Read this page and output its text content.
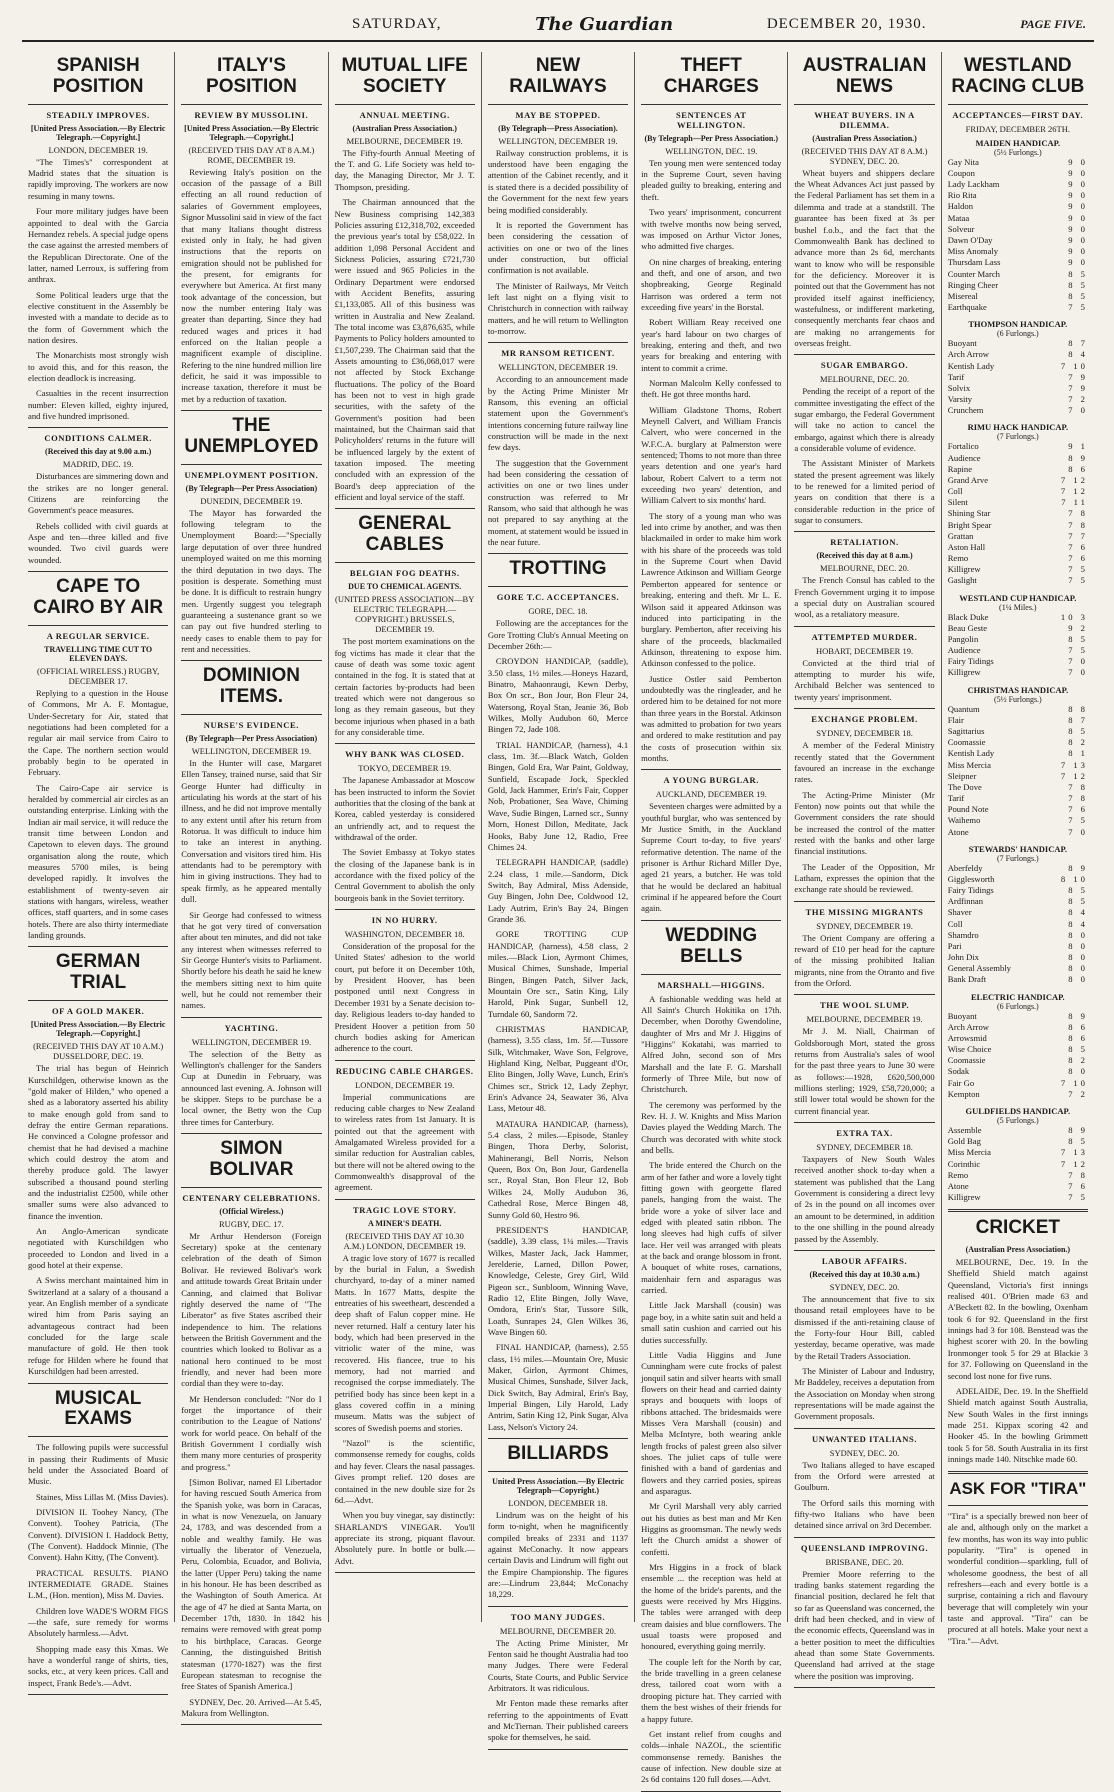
SATURDAY,	The Guardian	DECEMBER 20, 1930.	PAGE FIVE.
SPANISH POSITION
STEADILY IMPROVES.
[United Press Association.—By Electric Telegraph.—Copyright.]
LONDON, DECEMBER 19.

"The Times's" correspondent at Madrid states that the situation is rapidly improving. The workers are now resuming in many towns.

Four more military judges have been appointed to deal with the Garcia Hernandez rebels. A special judge opens the case against the arrested members of the Republican Directorate. One of the latter, named Lerroux, is suffering from anthrax.

Some Political leaders urge that the elective constituent in the Assembly be invested with a mandate to decide as to the form of Government which the nation desires.

The Monarchists most strongly wish to avoid this, and for this reason, the election deadlock is increasing.

Casualties in the recent insurrection number: Eleven killed, eighty injured, and five hundred imprisoned.

CONDITIONS CALMER.
(Received this day at 9.00 a.m.)
MADRID, DEC. 19.

Disturbances are simmering down and the strikes are no longer general. Citizens are reinforcing the Government's peace measures.

Rebels collided with civil guards at Aspe and ten—three killed and five wounded. Two civil guards were wounded.

CAPE TO CAIRO BY AIR
A REGULAR SERVICE.
TRAVELLING TIME CUT TO ELEVEN DAYS.
(OFFICIAL WIRELESS.) RUGBY, DECEMBER 17.

Replying to a question in the House of Commons, Mr A. F. Montague, Under-Secretary for Air, stated that negotiations had been completed for a regular air mail service from Cairo to the Cape. The northern section would probably begin to be operated in February.

The Cairo-Cape air service is heralded by commercial air circles as an outstanding enterprise. Linking with the Indian air mail service, it will reduce the transit time between London and Capetown to eleven days. The ground organisation along the route, which measures 5700 miles, is being developed rapidly. It involves the establishment of twenty-seven air stations with hangars, wireless, weather offices, staff quarters, and in some cases hotels. There are also thirty intermediate landing grounds.

GERMAN TRIAL
OF A GOLD MAKER.
[United Press Association.—By Electric Telegraph.—Copyright.]
(RECEIVED THIS DAY AT 10 A.M.) DUSSELDORF, DEC. 19.

The trial has begun of Heinrich Kurschildgen, otherwise known as the "gold maker of Hilden," who opened a shed as a laboratory asserted his ability to make enough gold from sand to defray the entire German reparations. He convinced a Cologne professor and chemist that he had devised a machine which could destroy the atom and thereby produce gold. The lawyer subscribed a thousand pound sterling and the industrialist £2500, while other smaller sums were also advanced to finance the invention.

An Anglo-American syndicate negotiated with Kurschildgen who proceeded to London and lived in a good hotel at their expense.

A Swiss merchant maintained him in Switzerland at a salary of a thousand a year. An English member of a syndicate wired him from Paris saying an advantageous contract had been concluded for the large scale manufacture of gold. He then took refuge for Hilden where he found that Kurschildgen had been arrested.

MUSICAL EXAMS

The following pupils were successful in passing their Rudiments of Music held under the Associated Board of Music.

Staines, Miss Lillas M. (Miss Davies).

DIVISION II. Toohey Nancy, (The Convent). Toohey Patricia, (The Convent). DIVISION I. Haddock Betty, (The Convent). Haddock Minnie, (The Convent). Hahn Kitty, (The Convent).

PRACTICAL RESULTS. PIANO INTERMEDIATE GRADE. Staines L.M., (Hon. mention), Miss M. Davies.

Children love WADE'S WORM FIGS —the safe, sure remedy for worms Absolutely harmless.—Advt.

Shopping made easy this Xmas. We have a wonderful range of shirts, ties, socks, etc., at very keen prices. Call and inspect, Frank Bede's.—Advt.

ITALY'S POSITION
REVIEW BY MUSSOLINI.
[United Press Association.—By Electric Telegraph.—Copyright.]
(RECEIVED THIS DAY AT 8 A.M.) ROME, DECEMBER 19.

Reviewing Italy's position on the occasion of the passage of a Bill effecting an all round reduction of salaries of Government employees, Signor Mussolini said in view of the fact that many Italians thought distress existed only in Italy, he had given instructions that the reports on emigration should not be published for the present, for emigrants for everywhere but America. At first many took advantage of the concession, but now the number entering Italy was greater than departing. Since they had reduced wages and prices it had enforced on the Italian people a magnificent example of discipline. Refering to the nine hundred million lire deficit, he said it was impossible to increase taxation, therefore it must be met by a reduction of taxation.

THE UNEMPLOYED
UNEMPLOYMENT POSITION.
(By Telegraph—Per Press Association)
DUNEDIN, DECEMBER 19.

The Mayor has forwarded the following telegram to the Unemployment Board:—"Specially large deputation of over three hundred unemployed waited on me this morning the third deputation in two days. The position is desperate. Something must be done. It is difficult to restrain hungry men. Urgently suggest you telegraph guaranteeing a sustenance grant so we can pay out five hundred sterling to needy cases to enable them to pay for rent and necessities.

DOMINION ITEMS.
NURSE'S EVIDENCE.
(By Telegraph—Per Press Association)
WELLINGTON, DECEMBER 19.

In the Hunter will case, Margaret Ellen Tansey, trained nurse, said that Sir George Hunter had difficulty in articulating his words at the start of his illness, and he did not improve mentally to any extent until after his return from Rotorua. It was difficult to induce him to take an interest in anything. Conversation and visitors tired him. His attendants had to be peremptory with him in giving instructions. They had to speak firmly, as he appeared mentally dull.

Sir George had confessed to witness that he got very tired of conversation after about ten minutes, and did not take any interest when witnesses referred to Sir George Hunter's visits to Parliament. Shortly before his death he said he knew the members sitting next to him quite well, but he could not remember their names.

YACHTING.
WELLINGTON, DECEMBER 19.

The selection of the Betty as Wellington's challenger for the Sanders Cup at Dunedin in February, was announced last evening. A. Johnson will be skipper. Steps to be purchase be a local owner, the Betty won the Cup three times for Canterbury.

SIMON BOLIVAR
CENTENARY CELEBRATIONS.
(Official Wireless.)
RUGBY, DEC. 17.

Mr Arthur Henderson (Foreign Secretary) spoke at the centenary celebration of the death of Simon Bolivar. He reviewed Bolivar's work and attitude towards Great Britain under Canning, and claimed that Bolivar rightly deserved the name of "The Liberator" as five States ascribed their independence to him. The relations between the British Government and the countries which looked to Bolivar as a national hero continued to be most friendly, and never had been more cordial than they were to-day.

Mr Henderson concluded: "Nor do I forget the importance of their contribution to the League of Nations' work for world peace. On behalf of the British Government I cordially wish them many more centuries of prosperity and progress."

[Simon Bolivar, named El Libertador for having rescued South America from the Spanish yoke, was born in Caracas, in what is now Venezuela, on January 24, 1783, and was descended from a noble and wealthy family. He was virtually the liberator of Venezuela, Peru, Colombia, Ecuador, and Bolivia, the latter (Upper Peru) taking the name in his honour. He has been described as the Washington of South America. At the age of 47 he died at Santa Marta, on December 17th, 1830. In 1842 his remains were removed with great pomp to his birthplace, Caracas. George Canning, the distinguished British statesman (1770-1827) was the first European statesman to recognise the free States of Spanish America.]

SYDNEY, Dec. 20. Arrived—At 5.45, Makura from Wellington.

MUTUAL LIFE SOCIETY
ANNUAL MEETING.
(Australian Press Association.)
MELBOURNE, DECEMBER 19.

The Fifty-fourth Annual Meeting of the T. and G. Life Society was held to-day, the Managing Director, Mr J. T. Thompson, presiding.

The Chairman announced that the New Business comprising 142,383 Policies assuring £12,318,702, exceeded the previous year's total by £58,022. In addition 1,098 Personal Accident and Sickness Policies, assuring £721,730 were issued and 965 Policies in the Ordinary Department were endorsed with Accident Benefits, assuring £1,133,085. All of this business was written in Australia and New Zealand. The total income was £3,876,635, while Payments to Policy holders amounted to £1,507,239. The Chairman said that the Assets amounting to £36,068,017 were not affected by Stock Exchange fluctuations. The policy of the Board has been not to vest in high grade securities, with the safety of the Government's position had been maintained, but the Chairman said that Policyholders' returns in the future will be influenced largely by the extent of taxation imposed. The meeting concluded with an expression of the Board's deep appreciation of the efficient and loyal service of the staff.

GENERAL CABLES
BELGIAN FOG DEATHS.
DUE TO CHEMICAL AGENTS.
(UNITED PRESS ASSOCIATION—BY ELECTRIC TELEGRAPH.—COPYRIGHT.) BRUSSELS, DECEMBER 19.

The post mortem examinations on the fog victims has made it clear that the cause of death was some toxic agent contained in the fog. It is stated that at certain factories by-products had been treated which were not dangerous so long as they remain gaseous, but they become injurious when phased in a bath for any considerable time.

WHY BANK WAS CLOSED.
TOKYO, DECEMBER 19.

The Japanese Ambassador at Moscow has been instructed to inform the Soviet authorities that the closing of the bank at Korea, cabled yesterday is considered an unfriendly act, and to request the withdrawal of the order.

The Soviet Embassy at Tokyo states the closing of the Japanese bank is in accordance with the fixed policy of the Central Government to abolish the only bourgeois bank in the Soviet territory.

IN NO HURRY.
WASHINGTON, DECEMBER 18.

Consideration of the proposal for the United States' adhesion to the world court, put before it on December 10th, by President Hoover, has been postponed until next Congress in December 1931 by a Senate decision to-day. Religious leaders to-day handed to President Hoover a petition from 50 church bodies asking for American adherence to the court.

REDUCING CABLE CHARGES.
LONDON, DECEMBER 19.

Imperial communications are reducing cable charges to New Zealand to wireless rates from 1st January. It is pointed out that the agreement with Amalgamated Wireless provided for a similar reduction for Australian cables, but there will not be altered owing to the Commonwealth's disapproval of the agreement.

TRAGIC LOVE STORY.
A MINER'S DEATH.
(RECEIVED THIS DAY AT 10.30 A.M.) LONDON, DECEMBER 19.

A tragic love story of 1677 is recalled by the burial in Falun, a Swedish churchyard, to-day of a miner named Matts. In 1677 Matts, despite the entreaties of his sweetheart, descended a deep shaft of Falun copper mine. He never returned. Half a century later his body, which had been preserved in the vitriolic water of the mine, was recovered. His fiancee, true to his memory, had not married and recognised the corpse immediately. The petrified body has since been kept in a glass covered coffin in a mining museum. Matts was the subject of scores of Swedish poems and stories.

"Nazol" is the scientific, commonsense remedy for coughs, colds and hay fever. Clears the nasal passages. Gives prompt relief. 120 doses are contained in the new double size for 2s 6d.—Advt.

When you buy vinegar, say distinctly: SHARLAND'S VINEGAR. You'll appreciate its strong, piquant flavour. Absolutely pure. In bottle or bulk.—Advt.

NEW RAILWAYS
MAY BE STOPPED.
(By Telegraph—Press Association).
WELLINGTON, DECEMBER 19.

Railway construction problems, it is understood have been engaging the attention of the Cabinet recently, and it is stated there is a decided possibility of the Government for the next few years being modified considerably.

It is reported the Government has been considering the cessation of activities on one or two of the lines under construction, but official confirmation is not available.

The Minister of Railways, Mr Veitch left last night on a flying visit to Christchurch in connection with railway matters, and he will return to Wellington to-morrow.

MR RANSOM RETICENT.
WELLINGTON, DECEMBER 19.

According to an announcement made by the Acting Prime Minister Mr Ransom, this evening an official statement upon the Government's intentions concerning future railway line construction will be made in the next few days.

The suggestion that the Government had been considering the cessation of activities on one or two lines under construction was referred to Mr Ransom, who said that although he was not prepared to say anything at the moment, at statement would be issued in the near future.

TROTTING
GORE T.C. ACCEPTANCES.
GORE, DEC. 18.

Following are the acceptances for the Gore Trotting Club's Annual Meeting on December 26th:—

CROYDON HANDICAP, (saddle), 3.50 class, 1½ miles.—Honeys Hazard, Binatro, Mahaonraugi, Kewn Derby, Box On scr., Bon Jour, Bon Fleur 24, Watersong, Royal Stan, Jeanie 36, Bob Wilkes, Molly Audubon 60, Merce Bingen 72, Jade 108.

TRIAL HANDICAP, (harness), 4.1 class, 1m. 3f.—Black Watch, Golden Bingen, Gold Era, War Paint, Goldway, Sunfield, Escapade Jock, Speckled Gold, Jack Hammer, Erin's Fair, Copper Nob, Probationer, Sea Wave, Chiming Wave, Sudie Bingen, Larned scr., Sunny Morn, Honest Dillon, Meditate, Jack Hooks, Baby June 12, Radio, Free Chimes 24.

TELEGRAPH HANDICAP, (saddle) 2.24 class, 1 mile.—Sandorm, Dick Switch, Bay Admiral, Miss Adenside, Guy Bingen, John Dee, Coldwood 12, Lady Autrim, Erin's Bay 24, Bingen Grande 36.

GORE TROTTING CUP HANDICAP, (harness), 4.58 class, 2 miles.—Black Lion, Ayrmont Chimes, Musical Chimes, Sunshade, Imperial Bingen, Bingen Patch, Silver Jack, Mountain Ore scr., Satin King, Lily Harold, Pink Sugar, Sunbell 12, Turndale 60, Sandorm 72.

CHRISTMAS HANDICAP, (harness), 3.55 class, 1m. 5f.—Tussore Silk, Witchmaker, Wave Son, Felgrove, Highland King, Nelbar, Puggeant d'Or, Elito Bingen, Jolly Wave, Lunch, Erin's Chimes scr., Strick 12, Lady Zephyr, Erin's Advance 24, Seawater 36, Alva Lass, Metour 48.

MATAURA HANDICAP, (harness), 5.4 class, 2 miles.—Episode, Stanley Bingen, Thora Derby, Solorist, Mahinerangi, Bell Norris, Nelson Queen, Box On, Bon Jour, Gardenella scr., Royal Stan, Bon Fleur 12, Bob Wilkes 24, Molly Audubon 36, Cathedral Rose, Merce Bingen 48, Sunny Gold 60, Hestro 96.

PRESIDENT'S HANDICAP, (saddle), 3.39 class, 1¼ miles.—Travis Wilkes, Master Jack, Jack Hammer, Jerelderie, Larned, Dillon Power, Knowledge, Celeste, Grey Girl, Wild Pigeon scr., Sunbloom, Winning Wave, Radio 12, Elite Bingen, Jolly Wave, Omdora, Erin's Star, Tussore Silk, Loath, Sunrapes 24, Glen Wilkes 36, Wave Bingen 60.

FINAL HANDICAP, (harness), 2.55 class, 1½ miles.—Mountain Ore, Music Maker, Girlon, Ayrmont Chimes, Musical Chimes, Sunshade, Silver Jack, Dick Switch, Bay Admiral, Erin's Bay, Imperial Bingen, Lily Harold, Lady Antrim, Satin King 12, Pink Sugar, Alva Lass, Nelson's Victory 24.

BILLIARDS
United Press Association.—By Electric Telegraph—Copyright.)
LONDON, DECEMBER 18.

Lindrum was on the height of his form to-night, when he magnificently compiled breaks of 2331 and 1137 against McConachy. It now appears certain Davis and Lindrum will fight out the Empire Championship. The figures are:—Lindrum 23,844; McConachy 18,229.

TOO MANY JUDGES.
MELBOURNE, DECEMBER 20.

The Acting Prime Minister, Mr Fenton said he thought Australia had too many Judges. There were Federal Courts, State Courts, and Public Service Arbitrators. It was ridiculous.

Mr Fenton made these remarks after referring to the appointments of Evatt and McTiernan. Their published careers spoke for themselves, he said.

THEFT CHARGES
SENTENCES AT WELLINGTON.
(By Telegraph—Per Press Association.)
WELLINGTON, DEC. 19.

Ten young men were sentenced today in the Supreme Court, seven having pleaded guilty to breaking, entering and theft.

Two years' imprisonment, concurrent with twelve months now being served, was imposed on Arthur Victor Jones, who admitted five charges.

On nine charges of breaking, entering and theft, and one of arson, and two shopbreaking, George Reginald Harrison was ordered a term not exceeding five years' in the Borstal.

Robert William Reay received one year's hard labour on two charges of breaking, entering and theft, and two years for breaking and entering with intent to commit a crime.

Norman Malcolm Kelly confessed to theft. He got three months hard.

William Gladstone Thoms, Robert Meynell Calvert, and William Francis Calvert, who were concerned in the W.F.C.A. burglary at Palmerston were sentenced; Thoms to not more than three years detention and one year's hard labour, Robert Calvert to a term not exceeding two years' detention, and William Calvert to six months' hard.

The story of a young man who was led into crime by another, and was then blackmailed in order to make him work with his share of the proceeds was told in the Supreme Court when David Lawrence Atkinson and William George Pemberton appeared for sentence or breaking, entering and theft. Mr L. E. Wilson said it appeared Atkinson was induced into participating in the burglary. Pemberton, after receiving his share of the proceeds, blackmailed Atkinson, threatening to expose him. Atkinson confessed to the police.

Justice Ostler said Pemberton undoubtedly was the ringleader, and he ordered him to be detained for not more than three years in the Borstal. Atkinson was admitted to probation for two years and ordered to make restitution and pay the costs of prosecution within six months.

A YOUNG BURGLAR.
AUCKLAND, DECEMBER 19.

Seventeen charges were admitted by a youthful burglar, who was sentenced by Mr Justice Smith, in the Auckland Supreme Court to-day, to five years' reformative detention. The name of the prisoner is Arthur Richard Miller Dye, aged 21 years, a butcher. He was told that he would be declared an habitual criminal if he appeared before the Court again.

WEDDING BELLS
MARSHALL—HIGGINS.

A fashionable wedding was held at All Saint's Church Hokitika on 17th. December, when Dorothy Gwendoline, daughter of Mrs and Mr J. Higgins of "Higgins" Kokatahi, was married to Alfred John, second son of Mrs Marshall and the late F. G. Marshall formerly of Three Mile, but now of Christchurch.

The ceremony was performed by the Rev. H. J. W. Knights and Miss Marion Davies played the Wedding March. The Church was decorated with white stock and bells.

The bride entered the Church on the arm of her father and wore a lovely tight fitting gown with georgette flared panels, hanging from the waist. The bride wore a yoke of silver lace and edged with pleated satin ribbon. The long sleeves had high cuffs of silver lace. Her veil was arranged with pleats at the back and orange blossom in front. A bouquet of white roses, carnations, maidenhair fern and asparagus was carried.

Little Jack Marshall (cousin) was page boy, in a white satin suit and held a small satin cushion and carried out his duties successfully.

Little Vadia Higgins and June Cunningham were cute frocks of palest jonquil satin and silver hearts with small flowers on their head and carried dainty sprays and bouquets with loops of ribbons attached. The bridesmaids were Misses Vera Marshall (cousin) and Melba McIntyre, both wearing ankle length frocks of palest green also silver shoes. The juliet caps of tulle were finished with a band of gardenias and flowers and they carried posies, spireas and asparagus.

Mr Cyril Marshall very ably carried out his duties as best man and Mr Ken Higgins as groomsman. The newly weds left the Church amidst a shower of confetti.

Mrs Higgins in a frock of black ensemble ... the reception was held at the home of the bride's parents, and the guests were received by Mrs Higgins. The tables were arranged with deep cream daisies and blue cornflowers. The usual toasts were proposed and honoured, everything going merrily.

The couple left for the North by car, the bride travelling in a green celanese dress, tailored coat worn with a drooping picture hat. They carried with them the best wishes of their friends for a happy future.

Get instant relief from coughs and colds—inhale NAZOL, the scientific commonsense remedy. Banishes the cause of infection. New double size at 2s 6d contains 120 full doses.—Advt.

AUSTRALIAN NEWS
WHEAT BUYERS. IN A DILEMMA.
(Australian Press Association.)
(RECEIVED THIS DAY AT 8 A.M.) SYDNEY, DEC. 20.

Wheat buyers and shippers declare the Wheat Advances Act just passed by the Federal Parliament has set them in a dilemma and trade at a standstill. The guarantee has been fixed at 3s per bushel f.o.b., and the fact that the Commonwealth Bank has declined to advance more than 2s 6d, merchants want to know who will be responsible for the deficiency. Moreover it is pointed out that the Government has not provided itself against inefficiency, wastefulness, or indifferent marketing, consequently merchants fear chaos and are making no arrangements for overseas freight.

SUGAR EMBARGO.
MELBOURNE, DEC. 20.

Pending the receipt of a report of the committee investigating the effect of the sugar embargo, the Federal Government will take no action to cancel the embargo, against which there is already a considerable volume of evidence.

The Assistant Minister of Markets stated the present agreement was likely to be renewed for a limited period of years on condition that there is a considerable reduction in the price of sugar to consumers.

RETALIATION.
(Received this day at 8 a.m.)
MELBOURNE, DEC. 20.

The French Consul has cabled to the French Government urging it to impose a special duty on Australian scoured wool, as a retaliatory measure.

ATTEMPTED MURDER.
HOBART, DECEMBER 19.

Convicted at the third trial of attempting to murder his wife, Archibald Belcher was sentenced to twenty years' imprisonment.

EXCHANGE PROBLEM.
SYDNEY, DECEMBER 18.

A member of the Federal Ministry recently stated that the Government favoured an increase in the exchange rates.

The Acting-Prime Minister (Mr Fenton) now points out that while the Government considers the rate should be increased the control of the matter rested with the banks and other large financial institutions.

The Leader of the Opposition, Mr Latham, expresses the opinion that the exchange rate should be reviewed.

THE MISSING MIGRANTS
SYDNEY, DECEMBER 19.

The Orient Company are offering a reward of £10 per head for the capture of the missing prohibited Italian migrants, nine from the Otranto and five from the Orford.

THE WOOL SLUMP.
MELBOURNE, DECEMBER 19.

Mr J. M. Niall, Chairman of Goldsborough Mort, stated the gross returns from Australia's sales of wool for the past three years to June 30 were as follows:—1928, £620,500,000 millions sterling; 1929, £58,720,000; a still lower total would be shown for the current financial year.

EXTRA TAX.
SYDNEY, DECEMBER 18.

Taxpayers of New South Wales received another shock to-day when a statement was published that the Lang Government is considering a direct levy of 2s in the pound on all incomes over an amount to be determined, in addition to the one shilling in the pound already passed by the Assembly.

LABOUR AFFAIRS.
(Received this day at 10.30 a.m.)
SYDNEY, DEC. 20.

The announcement that five to six thousand retail employees have to be dismissed if the anti-retaining clause of the Forty-four Hour Bill, cabled yesterday, became operative, was made by the Retail Traders Association.

The Minister of Labour and Industry, Mr Baddeley, receives a deputation from the Association on Monday when strong representations will be made against the Government proposals.

UNWANTED ITALIANS.
SYDNEY, DEC. 20.

Two Italians alleged to have escaped from the Orford were arrested at Goulburn.

The Orford sails this morning with fifty-two Italians who have been detained since arrival on 3rd December.

QUEENSLAND IMPROVING.
BRISBANE, DEC. 20.

Premier Moore referring to the trading banks statement regarding the financial position, declared he felt that so far as Queensland was concerned, the drift had been checked, and in view of the economic effects, Queensland was in a better position to meet the difficulties ahead than some State Governments. Queensland had arrived at the stage where the position was improving.

WESTLAND RACING CLUB
ACCEPTANCES—FIRST DAY.
FRIDAY, DECEMBER 26TH.
MAIDEN HANDICAP.
(5½ Furlongs.)
Gay Nita	9 0
Coupon	9 0
Lady Lackham	9 0
Rio Rita	9 0
Haldon	9 0
Mataa	9 0
Solveur	9 0
Dawn O'Day	9 0
Miss Anomaly	9 0
Thursdam Lass	9 0
Counter March	8 5
Ringing Cheer	8 5
Misereal	8 5
Earthquake	7 5
THOMPSON HANDICAP.
(6 Furlongs.)
Buoyant	8 7
Arch Arrow	8 4
Kentish Lady	7 10
Tarif	7 9
Solvix	7 9
Varsity	7 2
Crunchem	7 0
RIMU HACK HANDICAP.
(7 Furlongs.)
Fortalico	9 1
Audience	8 9
Rapine	8 6
Grand Arve	7 12
Coll	7 12
Silent	7 11
Shining Star	7 8
Bright Spear	7 8
Grattan	7 7
Aston Hall	7 6
Remo	7 6
Killigrew	7 5
Gaslight	7 5
WESTLAND CUP HANDICAP.
(1¼ Miles.)
Black Duke	10 3
Beau Geste	9 2
Pangolin	8 5
Audience	7 5
Fairy Tidings	7 0
Killigrew	7 0
CHRISTMAS HANDICAP.
(5½ Furlongs.)
Quantum	8 8
Flair	8 7
Sagittarius	8 5
Coomassie	8 2
Kentish Lady	8 1
Miss Mercia	7 13
Sleipner	7 12
The Dove	7 8
Tarif	7 8
Pound Note	7 6
Waihemo	7 5
Atone	7 0
STEWARDS' HANDICAP.
(7 Furlongs.)
Aberfeldy	8 9
Gigglesworth	8 10
Fairy Tidings	8 5
Ardfinnan	8 5
Shaver	8 4
Coll	8 4
Shamdro	8 0
Pari	8 0
John Dix	8 0
General Assembly	8 0
Bank Draft	8 0
ELECTRIC HANDICAP.
(6 Furlongs.)
Buoyant	8 9
Arch Arrow	8 6
Arrowsmid	8 6
Wise Choice	8 5
Coomassie	8 2
Sodak	8 0
Fair Go	7 10
Kempton	7 2
GULDFIELDS HANDICAP.
(5 Furlongs.)
Assemble	8 9
Gold Bag	8 5
Miss Mercia	7 13
Corinthic	7 12
Remo	7 8
Atone	7 6
Killigrew	7 5
CRICKET
(Australian Press Association.)

MELBOURNE, Dec. 19. In the Sheffield Shield match against Queensland, Victoria's first innings realised 401. O'Brien made 63 and A'Beckett 82. In the bowling, Oxenham took 6 for 92. Queensland in the first innings had 3 for 108. Benstead was the highest scorer with 20. In the bowling Ironmonger took 5 for 29 at Blackie 3 for 37. Following on Queensland in the second lost none for five runs.

ADELAIDE, Dec. 19. In the Sheffield Shield match against South Australia, New South Wales in the first innings made 251. Kippax scoring 42 and Hooker 45. In the bowling Grimmett took 5 for 58. South Australia in its first innings made 140. Nitschke made 60.

ASK FOR "TIRA"
"Tira" is a specially brewed non beer of ale and, although only on the market a few months, has won its way into public popularity. "Tira" is opened in wonderful condition—sparkling, full of wholesome goodness, the best of all refreshers—each and every bottle is a surprise, containing a rich and flavoury beverage that will completely win your taste and approval. "Tira" can be procured at all hotels. Make your next a "Tira."—Advt.
